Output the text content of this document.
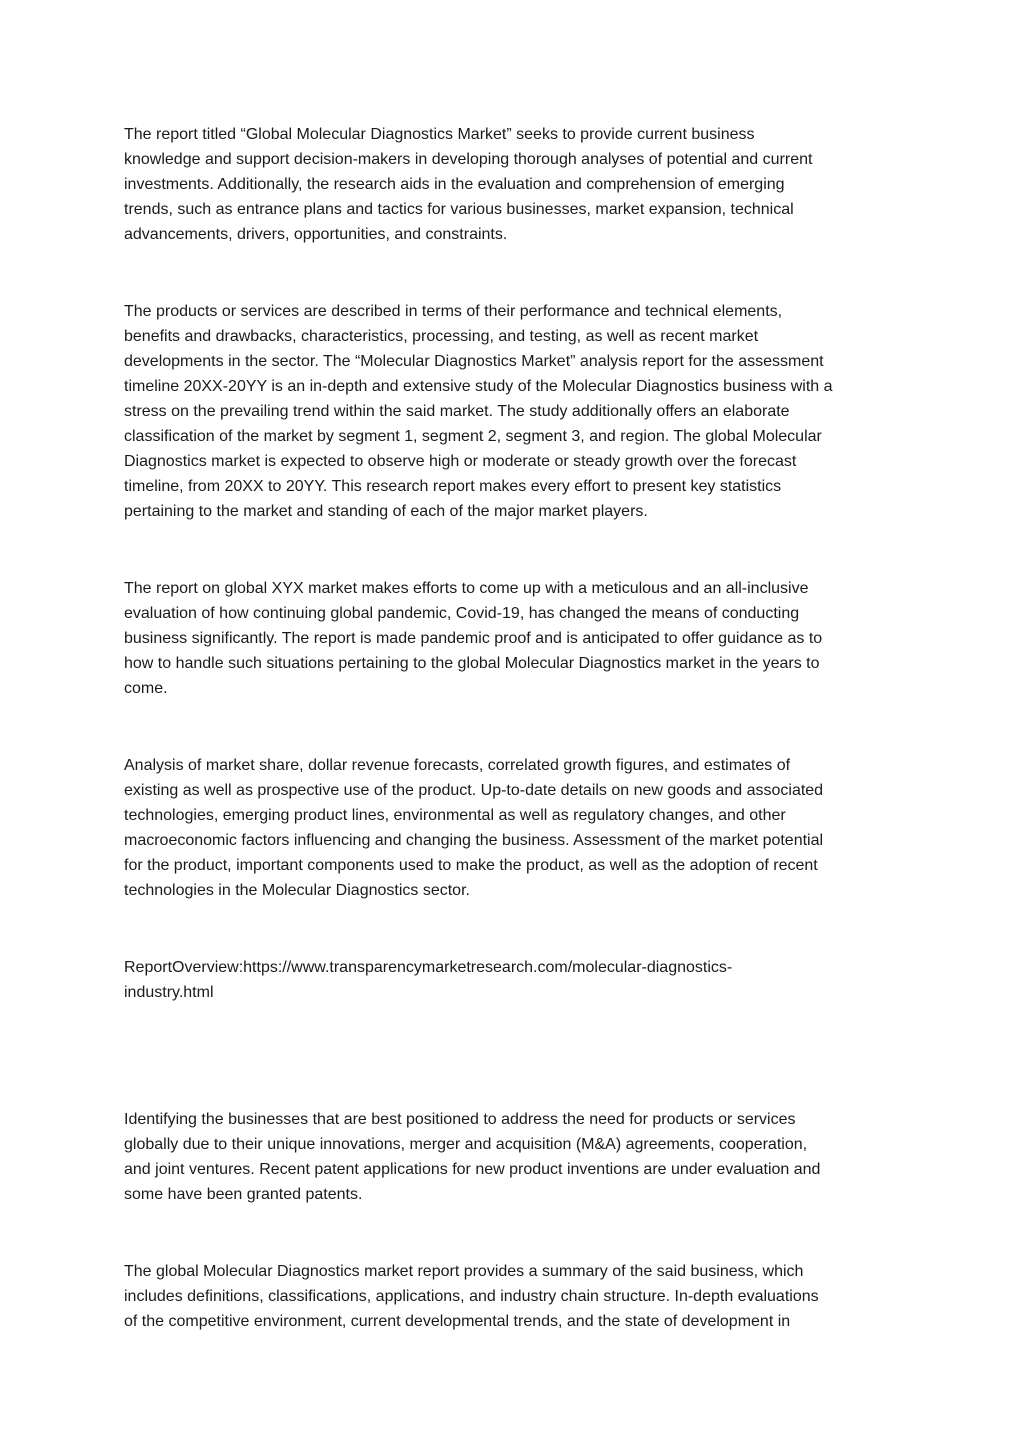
The report titled “Global Molecular Diagnostics Market” seeks to provide current business
knowledge and support decision-makers in developing thorough analyses of potential and current
investments. Additionally, the research aids in the evaluation and comprehension of emerging
trends, such as entrance plans and tactics for various businesses, market expansion, technical
advancements, drivers, opportunities, and constraints.

The products or services are described in terms of their performance and technical elements,
benefits and drawbacks, characteristics, processing, and testing, as well as recent market
developments in the sector. The “Molecular Diagnostics Market” analysis report for the assessment
timeline 20XX-20YY is an in-depth and extensive study of the Molecular Diagnostics business with a
stress on the prevailing trend within the said market. The study additionally offers an elaborate
classification of the market by segment 1, segment 2, segment 3, and region. The global Molecular
Diagnostics market is expected to observe high or moderate or steady growth over the forecast
timeline, from 20XX to 20YY. This research report makes every effort to present key statistics
pertaining to the market and standing of each of the major market players.

The report on global XYX market makes efforts to come up with a meticulous and an all-inclusive
evaluation of how continuing global pandemic, Covid-19, has changed the means of conducting
business significantly. The report is made pandemic proof and is anticipated to offer guidance as to
how to handle such situations pertaining to the global Molecular Diagnostics market in the years to
come.

Analysis of market share, dollar revenue forecasts, correlated growth figures, and estimates of
existing as well as prospective use of the product. Up-to-date details on new goods and associated
technologies, emerging product lines, environmental as well as regulatory changes, and other
macroeconomic factors influencing and changing the business. Assessment of the market potential
for the product, important components used to make the product, as well as the adoption of recent
technologies in the Molecular Diagnostics sector.

ReportOverview:https://www.transparencymarketresearch.com/molecular-diagnostics-
industry.html

Identifying the businesses that are best positioned to address the need for products or services
globally due to their unique innovations, merger and acquisition (M&A) agreements, cooperation,
and joint ventures. Recent patent applications for new product inventions are under evaluation and
some have been granted patents.

The global Molecular Diagnostics market report provides a summary of the said business, which
includes definitions, classifications, applications, and industry chain structure. In-depth evaluations
of the competitive environment, current developmental trends, and the state of development in
